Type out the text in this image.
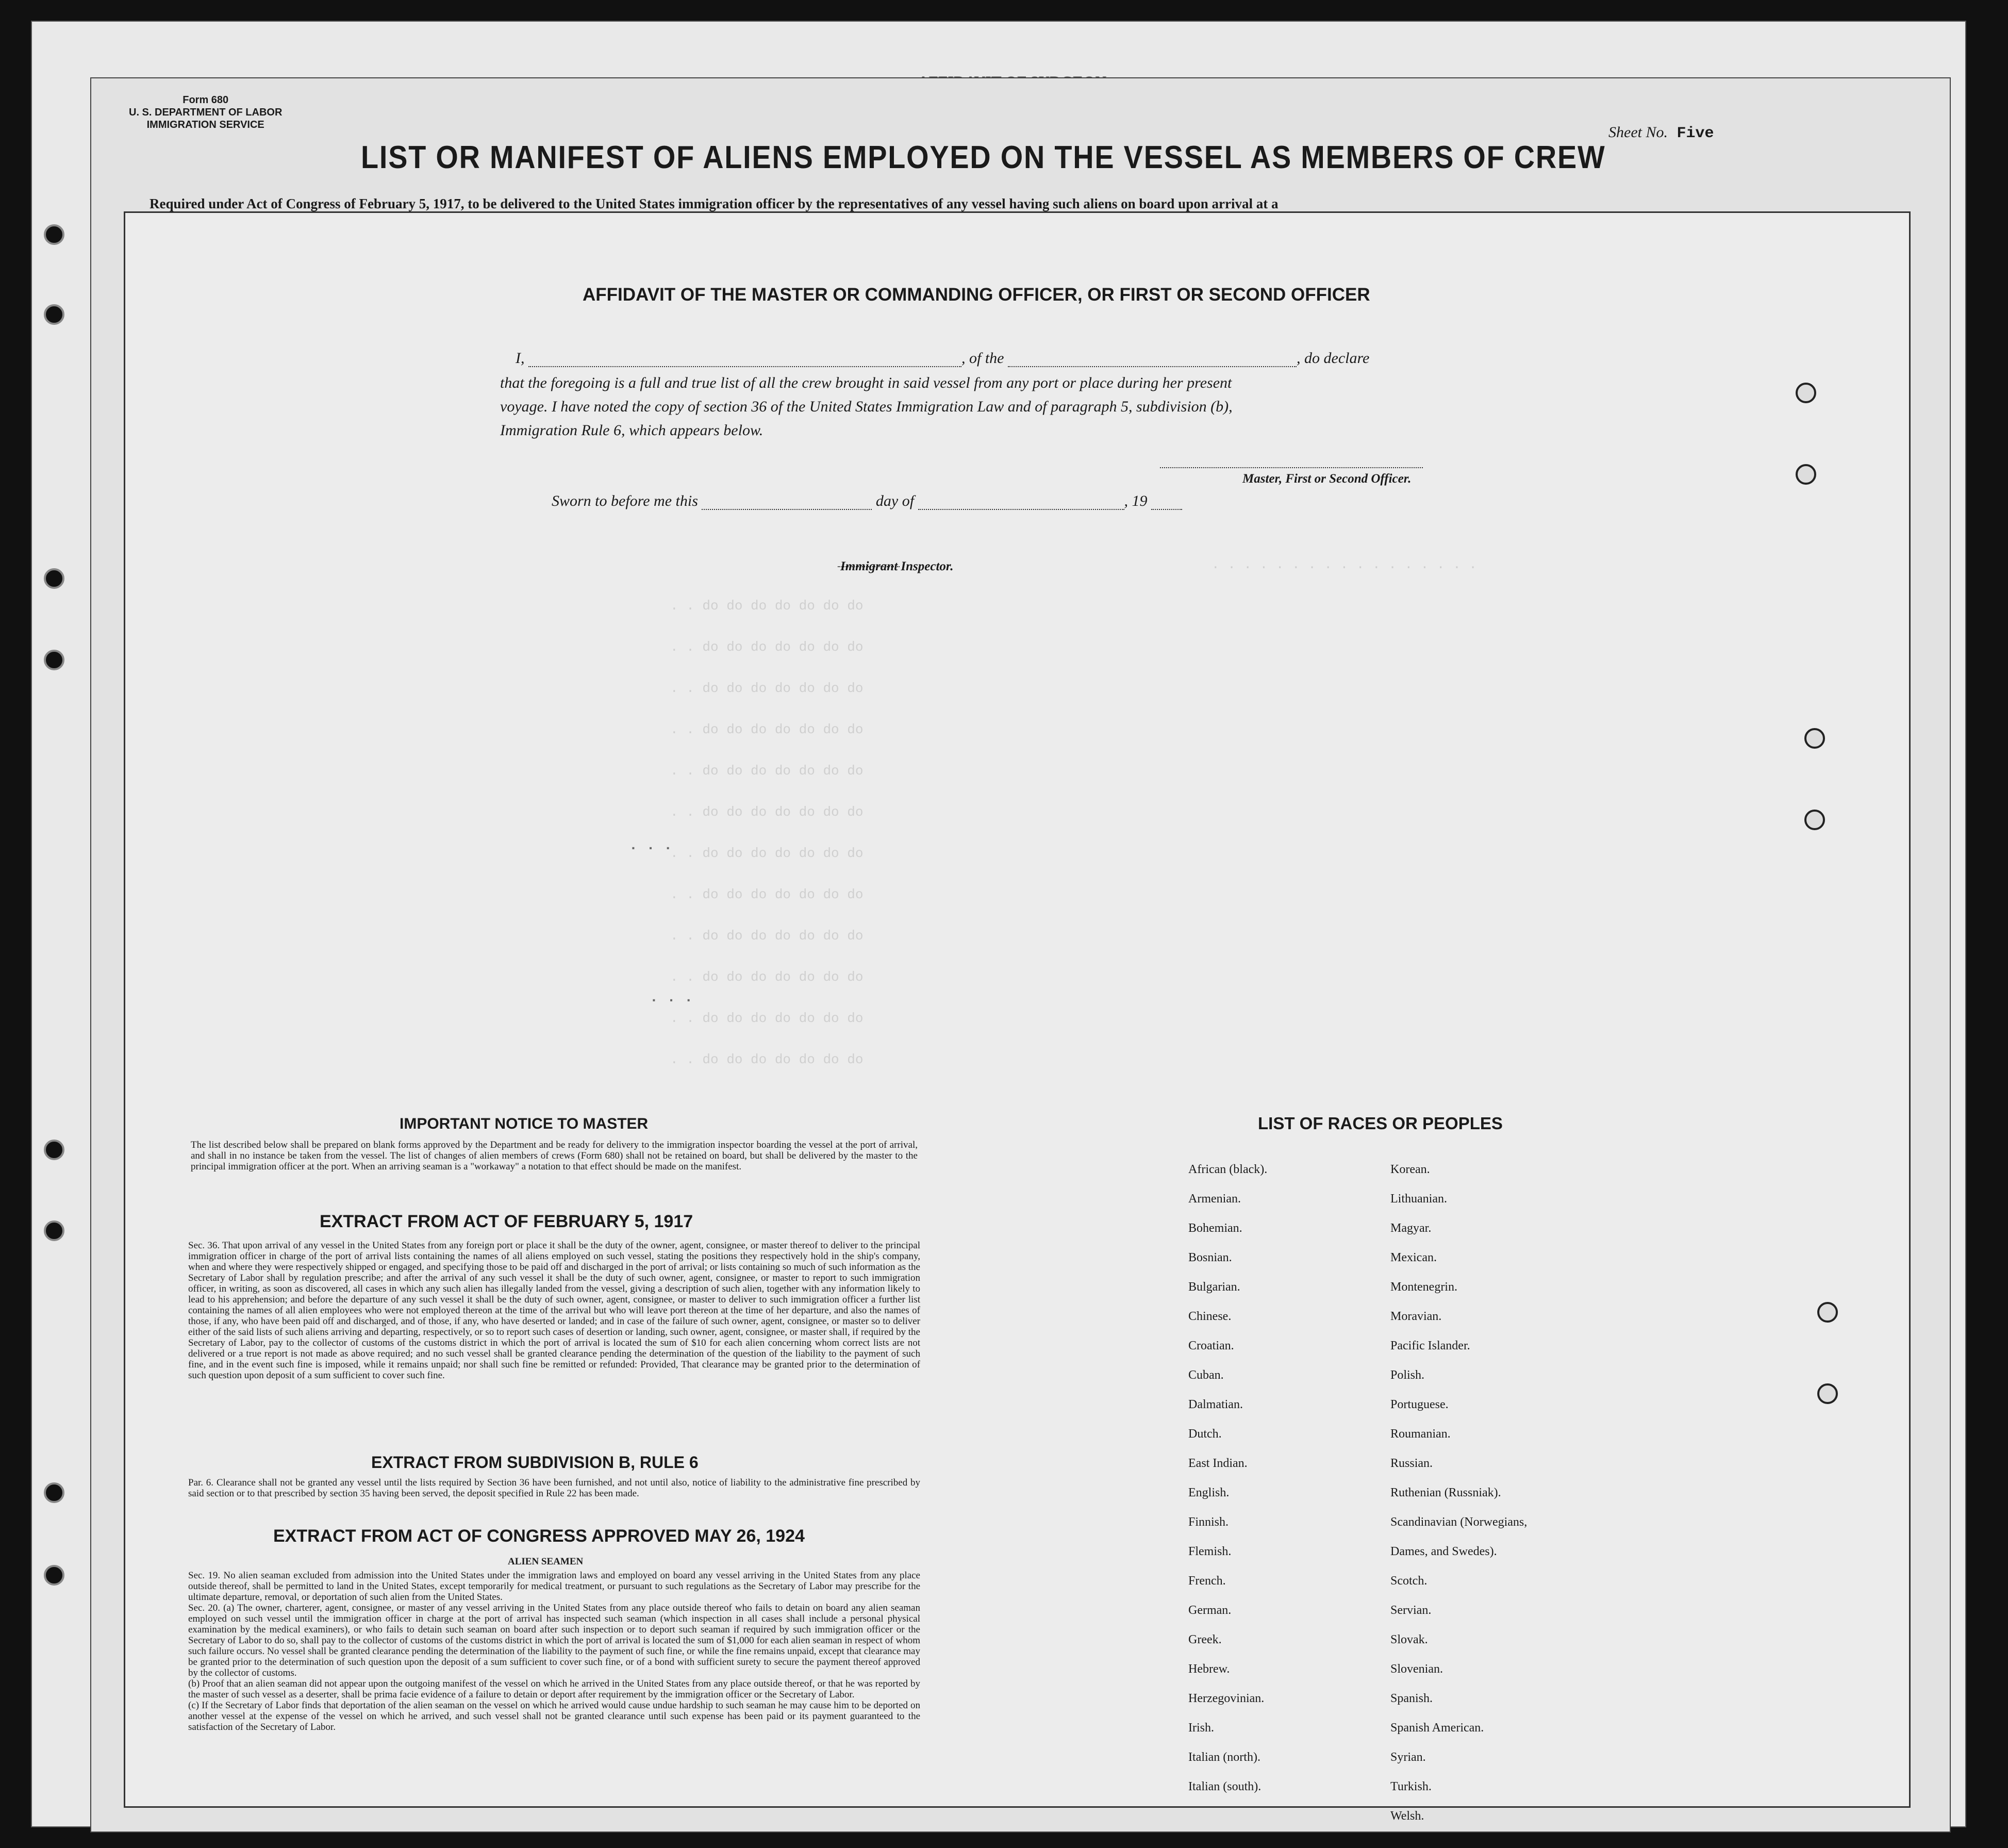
Form 680
U. S. DEPARTMENT OF LABOR
IMMIGRATION SERVICE	Sheet No. Five
LIST OR MANIFEST OF ALIENS EMPLOYED ON THE VESSEL AS MEMBERS OF CREW
Required under Act of Congress of February 5, 1917, to be delivered to the United States immigration officer by the representatives of any vessel having such aliens on board upon arrival at a
. . . . . . . . . . . . . . . . .
. . do do do do do do do
. . do do do do do do do
. . do do do do do do do
. . do do do do do do do
. . do do do do do do do
. . do do do do do do do
. . do do do do do do do
. . do do do do do do do
. . do do do do do do do
. . do do do do do do do
. . do do do do do do do
. . do do do do do do do
. . .
. . .
AFFIDAVIT OF THE MASTER OR COMMANDING OFFICER, OR FIRST OR SECOND OFFICER
I,	, of the	, do declare
that the foregoing is a full and true list of all the crew brought in said vessel from any port or place during her present
voyage. I have noted the copy of section 36 of the United States Immigration Law and of paragraph 5, subdivision (b),
Immigration Rule 6, which appears below.
Master, First or Second Officer.
Sworn to before me this	day of	, 19
Immigrant Inspector.
IMPORTANT NOTICE TO MASTER
The list described below shall be prepared on blank forms approved by the Department and be ready for delivery to the immigration inspector boarding the vessel at the port of arrival, and shall in no instance be taken from the vessel. The list of changes of alien members of crews (Form 680) shall not be retained on board, but shall be delivered by the master to the principal immigration officer at the port. When an arriving seaman is a "workaway" a notation to that effect should be made on the manifest.
EXTRACT FROM ACT OF FEBRUARY 5, 1917
Sec. 36. That upon arrival of any vessel in the United States from any foreign port or place it shall be the duty of the owner, agent, consignee, or master thereof to deliver to the principal immigration officer in charge of the port of arrival lists containing the names of all aliens employed on such vessel, stating the positions they respectively hold in the ship's company, when and where they were respectively shipped or engaged, and specifying those to be paid off and discharged in the port of arrival; or lists containing so much of such information as the Secretary of Labor shall by regulation prescribe; and after the arrival of any such vessel it shall be the duty of such owner, agent, consignee, or master to report to such immigration officer, in writing, as soon as discovered, all cases in which any such alien has illegally landed from the vessel, giving a description of such alien, together with any information likely to lead to his apprehension; and before the departure of any such vessel it shall be the duty of such owner, agent, consignee, or master to deliver to such immigration officer a further list containing the names of all alien employees who were not employed thereon at the time of the arrival but who will leave port thereon at the time of her departure, and also the names of those, if any, who have been paid off and discharged, and of those, if any, who have deserted or landed; and in case of the failure of such owner, agent, consignee, or master so to deliver either of the said lists of such aliens arriving and departing, respectively, or so to report such cases of desertion or landing, such owner, agent, consignee, or master shall, if required by the Secretary of Labor, pay to the collector of customs of the customs district in which the port of arrival is located the sum of $10 for each alien concerning whom correct lists are not delivered or a true report is not made as above required; and no such vessel shall be granted clearance pending the determination of the question of the liability to the payment of such fine, and in the event such fine is imposed, while it remains unpaid; nor shall such fine be remitted or refunded: Provided, That clearance may be granted prior to the determination of such question upon deposit of a sum sufficient to cover such fine.
EXTRACT FROM SUBDIVISION B, RULE 6
Par. 6. Clearance shall not be granted any vessel until the lists required by Section 36 have been furnished, and not until also, notice of liability to the administrative fine prescribed by said section or to that prescribed by section 35 having been served, the deposit specified in Rule 22 has been made.
EXTRACT FROM ACT OF CONGRESS APPROVED MAY 26, 1924
ALIEN SEAMEN
Sec. 19. No alien seaman excluded from admission into the United States under the immigration laws and employed on board any vessel arriving in the United States from any place outside thereof, shall be permitted to land in the United States, except temporarily for medical treatment, or pursuant to such regulations as the Secretary of Labor may prescribe for the ultimate departure, removal, or deportation of such alien from the United States.
Sec. 20. (a) The owner, charterer, agent, consignee, or master of any vessel arriving in the United States from any place outside thereof who fails to detain on board any alien seaman employed on such vessel until the immigration officer in charge at the port of arrival has inspected such seaman (which inspection in all cases shall include a personal physical examination by the medical examiners), or who fails to detain such seaman on board after such inspection or to deport such seaman if required by such immigration officer or the Secretary of Labor to do so, shall pay to the collector of customs of the customs district in which the port of arrival is located the sum of $1,000 for each alien seaman in respect of whom such failure occurs. No vessel shall be granted clearance pending the determination of the liability to the payment of such fine, or while the fine remains unpaid, except that clearance may be granted prior to the determination of such question upon the deposit of a sum sufficient to cover such fine, or of a bond with sufficient surety to secure the payment thereof approved by the collector of customs.
(b) Proof that an alien seaman did not appear upon the outgoing manifest of the vessel on which he arrived in the United States from any place outside thereof, or that he was reported by the master of such vessel as a deserter, shall be prima facie evidence of a failure to detain or deport after requirement by the immigration officer or the Secretary of Labor.
(c) If the Secretary of Labor finds that deportation of the alien seaman on the vessel on which he arrived would cause undue hardship to such seaman he may cause him to be deported on another vessel at the expense of the vessel on which he arrived, and such vessel shall not be granted clearance until such expense has been paid or its payment guaranteed to the satisfaction of the Secretary of Labor.
LIST OF RACES OR PEOPLES
African (black).
Armenian.
Bohemian.
Bosnian.
Bulgarian.
Chinese.
Croatian.
Cuban.
Dalmatian.
Dutch.
East Indian.
English.
Finnish.
Flemish.
French.
German.
Greek.
Hebrew.
Herzegovinian.
Irish.
Italian (north).
Italian (south).
Korean.
Lithuanian.
Magyar.
Mexican.
Montenegrin.
Moravian.
Pacific Islander.
Polish.
Portuguese.
Roumanian.
Russian.
Ruthenian (Russniak).
Scandinavian (Norwegians,
Dames, and Swedes).
Scotch.
Servian.
Slovak.
Slovenian.
Spanish.
Spanish American.
Syrian.
Turkish.
Welsh.
